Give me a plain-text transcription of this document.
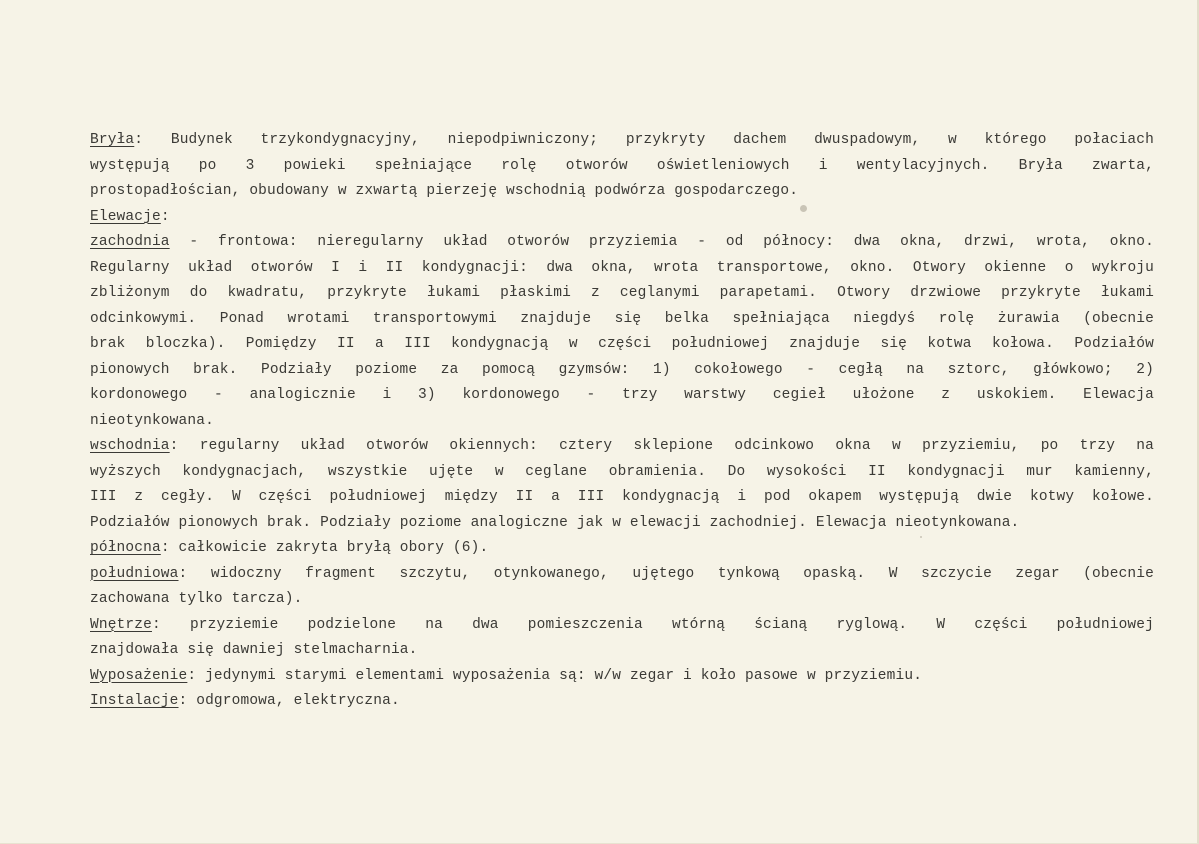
Bryła: Budynek trzykondygnacyjny, niepodpiwniczony; przykryty dachem dwuspadowym, w którego połaciach
występują po 3 powieki spełniające rolę otworów oświetleniowych i wentylacyjnych. Bryła zwarta,
prostopadłościan, obudowany w zxwartą pierzeję wschodnią podwórza gospodarczego.
Elewacje:
zachodnia - frontowa: nieregularny układ otworów przyziemia - od północy: dwa okna, drzwi, wrota, okno.
Regularny układ otworów I i II kondygnacji: dwa okna, wrota transportowe, okno. Otwory okienne o wykroju
zbliżonym do kwadratu, przykryte łukami płaskimi z ceglanymi parapetami. Otwory drzwiowe przykryte łukami
odcinkowymi. Ponad wrotami transportowymi znajduje się belka spełniająca niegdyś rolę żurawia (obecnie
brak bloczka). Pomiędzy II a III kondygnacją w części południowej znajduje się kotwa kołowa. Podziałów
pionowych brak. Podziały poziome za pomocą gzymsów: 1) cokołowego - cegłą na sztorc, główkowo; 2)
kordonowego - analogicznie i 3) kordonowego - trzy warstwy cegieł ułożone z uskokiem. Elewacja
nieotynkowana.
wschodnia: regularny układ otworów okiennych: cztery sklepione odcinkowo okna w przyziemiu, po trzy na
wyższych kondygnacjach, wszystkie ujęte w ceglane obramienia. Do wysokości II kondygnacji mur kamienny,
III z cegły. W części południowej między II a III kondygnacją i pod okapem występują dwie kotwy kołowe.
Podziałów pionowych brak. Podziały poziome analogiczne jak w elewacji zachodniej. Elewacja nieotynkowana.
północna: całkowicie zakryta bryłą obory (6).
południowa: widoczny fragment szczytu, otynkowanego, ujętego tynkową opaską. W szczycie zegar (obecnie
zachowana tylko tarcza).
Wnętrze: przyziemie podzielone na dwa pomieszczenia wtórną ścianą ryglową. W części południowej
znajdowała się dawniej stelmacharnia.
Wyposażenie: jedynymi starymi elementami wyposażenia są: w/w zegar i koło pasowe w przyziemiu.
Instalacje: odgromowa, elektryczna.
